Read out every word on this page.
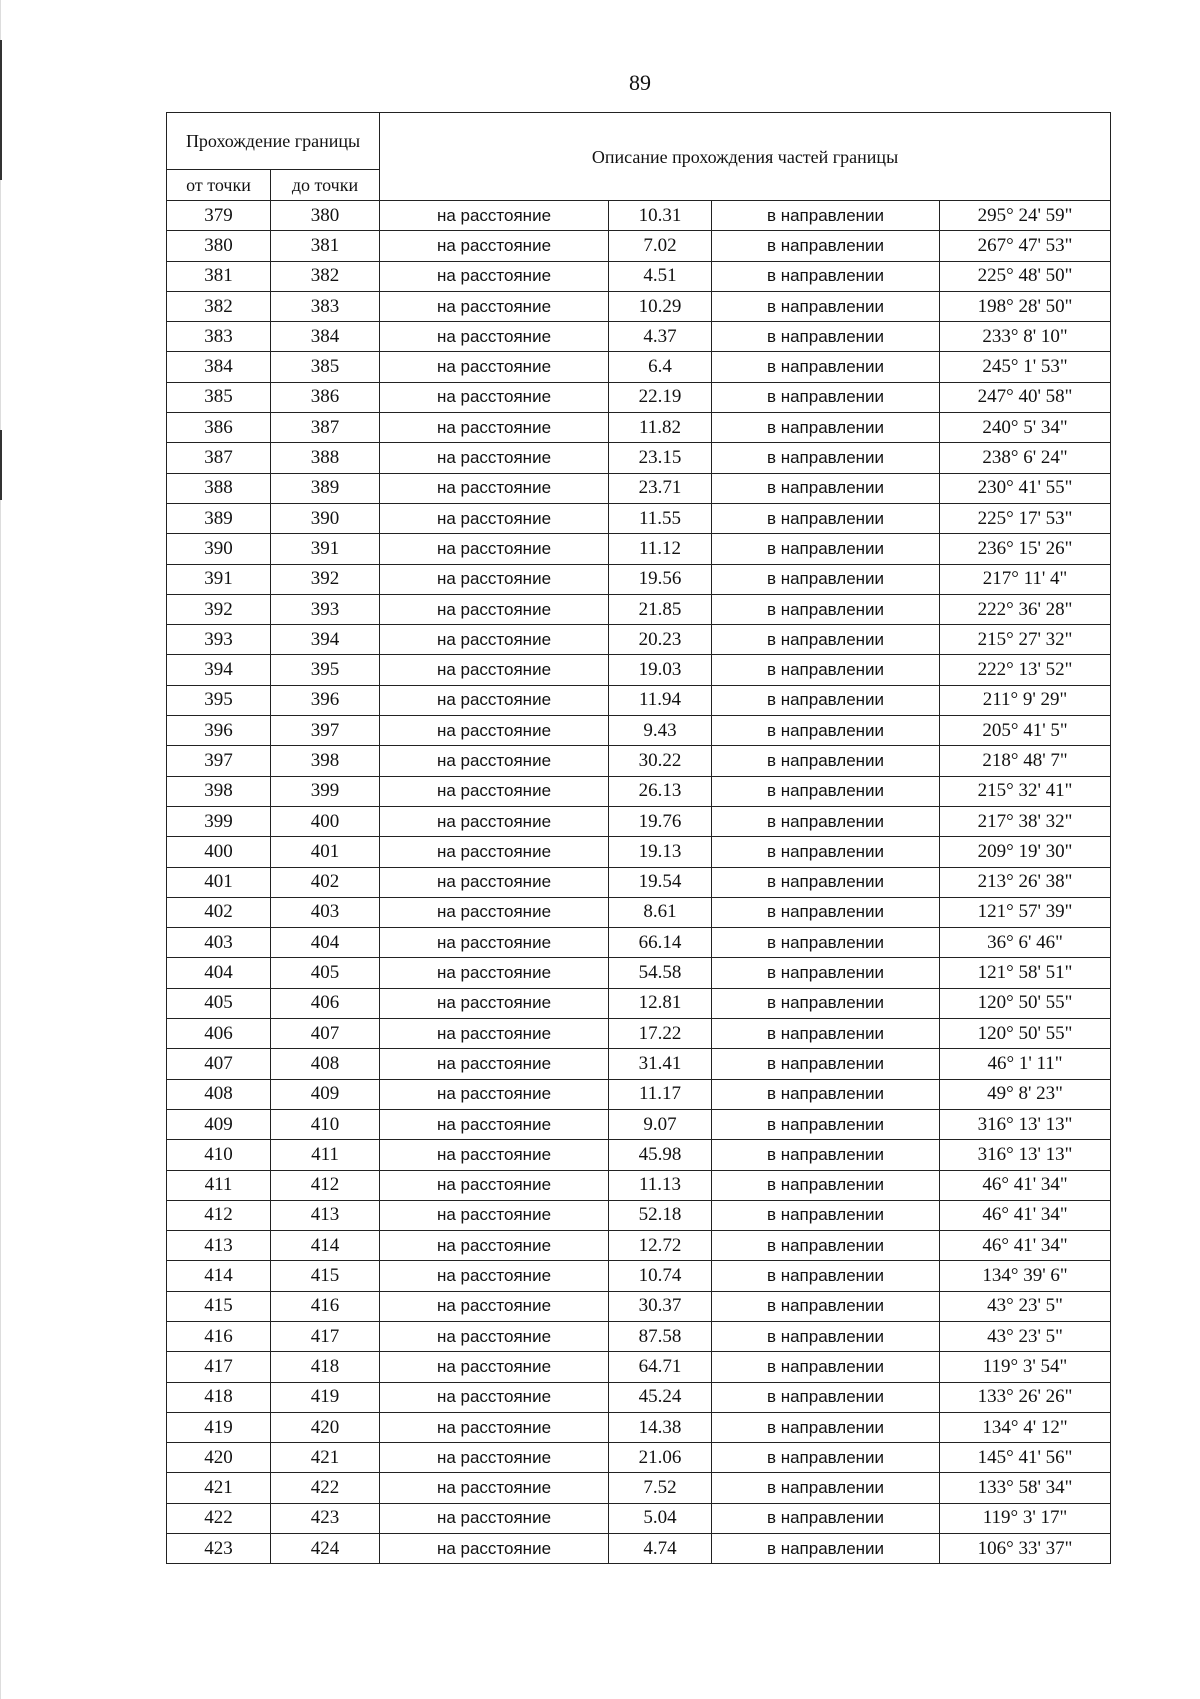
89
Прохождение границы		Описание прохождения частей границы			
от точки	до точки				
379	380	на расстояние	10.31	в направлении	295° 24' 59"
380	381	на расстояние	7.02	в направлении	267° 47' 53"
381	382	на расстояние	4.51	в направлении	225° 48' 50"
382	383	на расстояние	10.29	в направлении	198° 28' 50"
383	384	на расстояние	4.37	в направлении	233° 8' 10"
384	385	на расстояние	6.4	в направлении	245° 1' 53"
385	386	на расстояние	22.19	в направлении	247° 40' 58"
386	387	на расстояние	11.82	в направлении	240° 5' 34"
387	388	на расстояние	23.15	в направлении	238° 6' 24"
388	389	на расстояние	23.71	в направлении	230° 41' 55"
389	390	на расстояние	11.55	в направлении	225° 17' 53"
390	391	на расстояние	11.12	в направлении	236° 15' 26"
391	392	на расстояние	19.56	в направлении	217° 11' 4"
392	393	на расстояние	21.85	в направлении	222° 36' 28"
393	394	на расстояние	20.23	в направлении	215° 27' 32"
394	395	на расстояние	19.03	в направлении	222° 13' 52"
395	396	на расстояние	11.94	в направлении	211° 9' 29"
396	397	на расстояние	9.43	в направлении	205° 41' 5"
397	398	на расстояние	30.22	в направлении	218° 48' 7"
398	399	на расстояние	26.13	в направлении	215° 32' 41"
399	400	на расстояние	19.76	в направлении	217° 38' 32"
400	401	на расстояние	19.13	в направлении	209° 19' 30"
401	402	на расстояние	19.54	в направлении	213° 26' 38"
402	403	на расстояние	8.61	в направлении	121° 57' 39"
403	404	на расстояние	66.14	в направлении	36° 6' 46"
404	405	на расстояние	54.58	в направлении	121° 58' 51"
405	406	на расстояние	12.81	в направлении	120° 50' 55"
406	407	на расстояние	17.22	в направлении	120° 50' 55"
407	408	на расстояние	31.41	в направлении	46° 1' 11"
408	409	на расстояние	11.17	в направлении	49° 8' 23"
409	410	на расстояние	9.07	в направлении	316° 13' 13"
410	411	на расстояние	45.98	в направлении	316° 13' 13"
411	412	на расстояние	11.13	в направлении	46° 41' 34"
412	413	на расстояние	52.18	в направлении	46° 41' 34"
413	414	на расстояние	12.72	в направлении	46° 41' 34"
414	415	на расстояние	10.74	в направлении	134° 39' 6"
415	416	на расстояние	30.37	в направлении	43° 23' 5"
416	417	на расстояние	87.58	в направлении	43° 23' 5"
417	418	на расстояние	64.71	в направлении	119° 3' 54"
418	419	на расстояние	45.24	в направлении	133° 26' 26"
419	420	на расстояние	14.38	в направлении	134° 4' 12"
420	421	на расстояние	21.06	в направлении	145° 41' 56"
421	422	на расстояние	7.52	в направлении	133° 58' 34"
422	423	на расстояние	5.04	в направлении	119° 3' 17"
423	424	на расстояние	4.74	в направлении	106° 33' 37"
